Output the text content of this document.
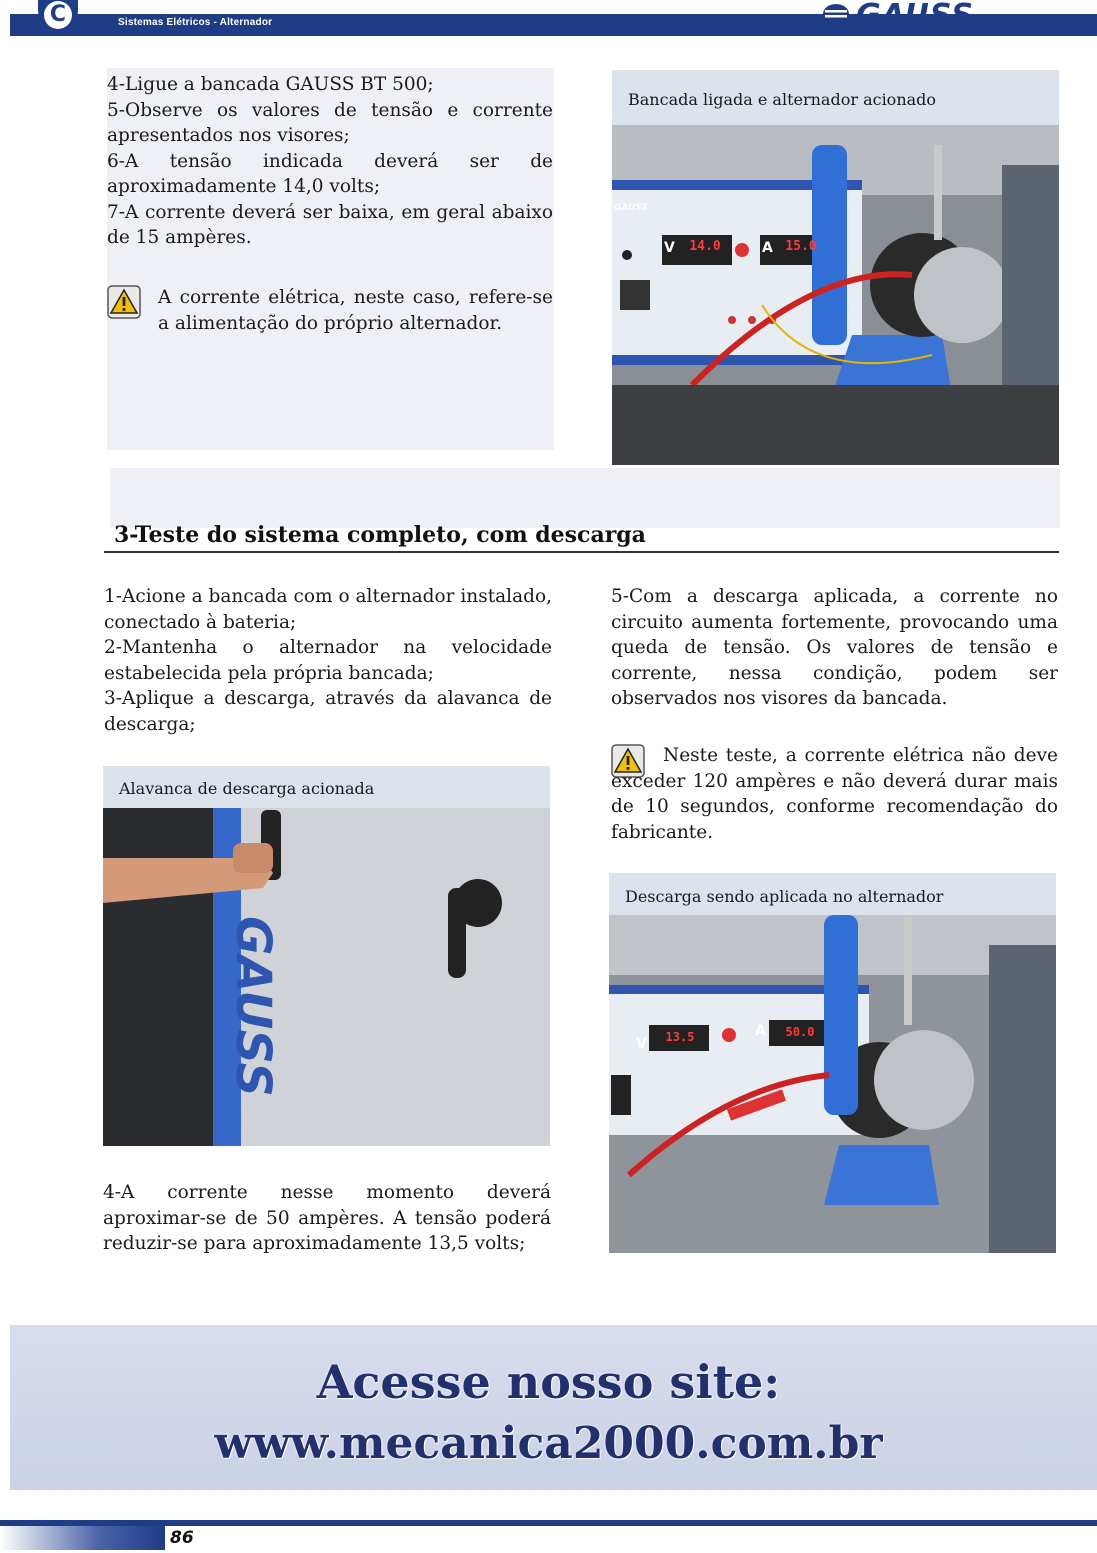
C	Sistemas Elétricos - Alternador	GAUSS
4-Ligue a bancada GAUSS BT 500;
5-Observe os valores de tensão e corrente apresentados nos visores;
6-A tensão indicada deverá ser de aproximadamente 14,0 volts;
7-A corrente deverá ser baixa, em geral abaixo de 15 ampères.
A corrente elétrica, neste caso, refere-se a alimentação do próprio alternador.
Bancada ligada e alternador acionado
V	14.0	A 15.0
GAUSS
3-Teste do sistema completo, com descarga
1-Acione a bancada com o alternador instalado, conectado à bateria;
2-Mantenha o alternador na velocidade estabelecida pela própria bancada;
3-Aplique a descarga, através da alavanca de descarga;
Alavanca de descarga acionada
GAUSS
4-A corrente nesse momento deverá aproximar-se de 50 ampères. A tensão poderá reduzir-se para aproximadamente 13,5 volts;
5-Com a descarga aplicada, a corrente no circuito aumenta fortemente, provocando uma queda de tensão. Os valores de tensão e corrente, nessa condição, podem ser observados nos visores da bancada.
Neste teste, a corrente elétrica não deve exceder 120 ampères e não deverá durar mais de 10 segundos, conforme recomendação do fabricante.
Descarga sendo aplicada no alternador
V	13.5	A	50.0
Acesse nosso site:
www.mecanica2000.com.br
86
